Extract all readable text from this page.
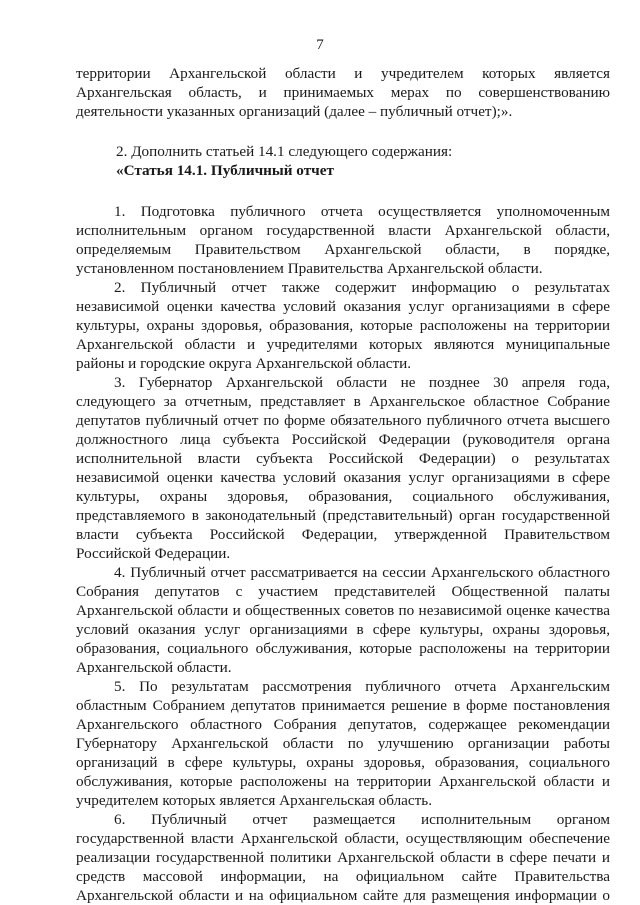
7
территории Архангельской области и учредителем которых является
Архангельская область, и принимаемых мерах по совершенствованию
деятельности указанных организаций (далее – публичный отчет);».
2. Дополнить статьей 14.1 следующего содержания:
«Статья 14.1. Публичный отчет
1. Подготовка публичного отчета осуществляется уполномоченным
исполнительным органом государственной власти Архангельской области,
определяемым Правительством Архангельской области, в порядке,
установленном постановлением Правительства Архангельской области.
2. Публичный отчет также содержит информацию о результатах
независимой оценки качества условий оказания услуг организациями в сфере
культуры, охраны здоровья, образования, которые расположены на территории
Архангельской области и учредителями которых являются муниципальные
районы и городские округа Архангельской области.
3. Губернатор Архангельской области не позднее 30 апреля года,
следующего за отчетным, представляет в Архангельское областное Собрание
депутатов публичный отчет по форме обязательного публичного отчета высшего
должностного лица субъекта Российской Федерации (руководителя органа
исполнительной власти субъекта Российской Федерации) о результатах
независимой оценки качества условий оказания услуг организациями в сфере
культуры, охраны здоровья, образования, социального обслуживания,
представляемого в законодательный (представительный) орган государственной
власти субъекта Российской Федерации, утвержденной Правительством
Российской Федерации.
4. Публичный отчет рассматривается на сессии Архангельского областного
Собрания депутатов с участием представителей Общественной палаты
Архангельской области и общественных советов по независимой оценке качества
условий оказания услуг организациями в сфере культуры, охраны здоровья,
образования, социального обслуживания, которые расположены на территории
Архангельской области.
5. По результатам рассмотрения публичного отчета Архангельским
областным Собранием депутатов принимается решение в форме постановления
Архангельского областного Собрания депутатов, содержащее рекомендации
Губернатору Архангельской области по улучшению организации работы
организаций в сфере культуры, охраны здоровья, образования, социального
обслуживания, которые расположены на территории Архангельской области и
учредителем которых является Архангельская область.
6. Публичный отчет размещается исполнительным органом
государственной власти Архангельской области, осуществляющим обеспечение
реализации государственной политики Архангельской области в сфере печати и
средств массовой информации, на официальном сайте Правительства
Архангельской области и на официальном сайте для размещения информации о
